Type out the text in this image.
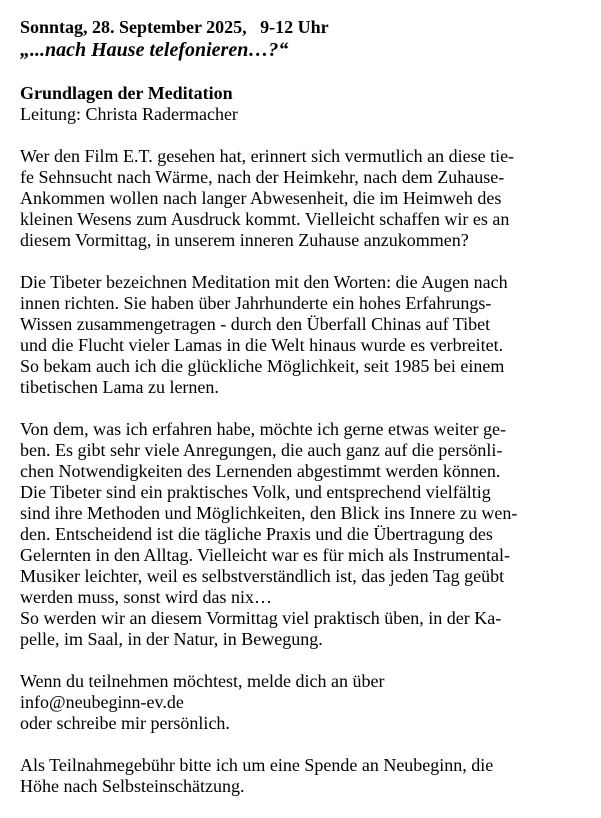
Sonntag, 28. September 2025,   9-12 Uhr
„...nach Hause telefonieren…?“
Grundlagen der Meditation
Leitung: Christa Radermacher
Wer den Film E.T. gesehen hat, erinnert sich vermutlich an diese tie-
fe Sehnsucht nach Wärme, nach der Heimkehr, nach dem Zuhause-
Ankommen wollen nach langer Abwesenheit, die im Heimweh des
kleinen Wesens zum Ausdruck kommt. Vielleicht schaffen wir es an
diesem Vormittag, in unserem inneren Zuhause anzukommen?
Die Tibeter bezeichnen Meditation mit den Worten: die Augen nach
innen richten. Sie haben über Jahrhunderte ein hohes Erfahrungs-
Wissen zusammengetragen - durch den Überfall Chinas auf Tibet
und die Flucht vieler Lamas in die Welt hinaus wurde es verbreitet.
So bekam auch ich die glückliche Möglichkeit, seit 1985 bei einem
tibetischen Lama zu lernen.
Von dem, was ich erfahren habe, möchte ich gerne etwas weiter ge-
ben. Es gibt sehr viele Anregungen, die auch ganz auf die persönli-
chen Notwendigkeiten des Lernenden abgestimmt werden können.
Die Tibeter sind ein praktisches Volk, und entsprechend vielfältig
sind ihre Methoden und Möglichkeiten, den Blick ins Innere zu wen-
den. Entscheidend ist die tägliche Praxis und die Übertragung des
Gelernten in den Alltag. Vielleicht war es für mich als Instrumental-
Musiker leichter, weil es selbstverständlich ist, das jeden Tag geübt
werden muss, sonst wird das nix…
So werden wir an diesem Vormittag viel praktisch üben, in der Ka-
pelle, im Saal, in der Natur, in Bewegung.
Wenn du teilnehmen möchtest, melde dich an über
info@neubeginn-ev.de
oder schreibe mir persönlich.
Als Teilnahmegebühr bitte ich um eine Spende an Neubeginn, die
Höhe nach Selbsteinschätzung.
